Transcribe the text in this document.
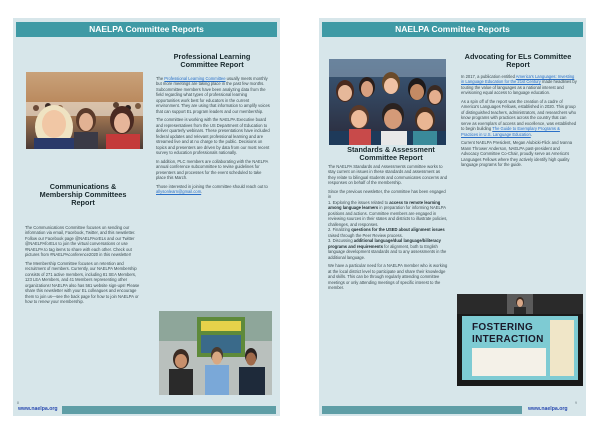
NAELPA Committee Reports
Communications & Membership Committees Report

The Communications Committee focuses on sending our information via email, Facebook, Twitter, and this newsletter. Follow our Facebook page @NAELPAorELs and our Twitter @NAELPAforELs to join the virtual conversations or use #NAELPA to tag items to share with each other. Check out pictures from #NAELPAconference2020 in this newsletter!

The Membership Committee focuses on retention and recruitment of members. Currently, our NAELPA Membership consists of 271 active members, including 81 SEA Members, 123 LEA Members, and 41 Members representing other organizations! NAELPA also has 561 website sign-ups! Please share this newsletter with your EL colleagues and encourage them to join us—see the back page for how to join NAELPA or how to renew your membership.

Professional Learning Committee Report

The Professional Learning Committee usually meets monthly but more meetings are taking place in the past few months. Subcommittee members have been analyzing data from the field regarding what types of professional learning opportunities work best for educators in the current environment. They are using that information to amplify voices that can support EL program leaders and our membership.

The committee is working with the NAELPA Executive board and representatives from the US Department of Education to deliver quarterly webinars. These presentations have included federal updates and relevant professional learning and are streamed live and at no charge to the public. Decisions on topics and presenters are driven by data from our most recent survey to education professionals nationally.

In addition, PLC members are collaborating with the NAELPA annual conference subcommittee to revise guidelines for presenters and processes for the event scheduled to take place this March.

Those interested in joining the committee should reach out to allysonlearn@gmail.com.

8
www.naelpa.org
NAELPA Committee Reports
Standards & Assessment Committee Report

The NAELPA Standards and Assessments committee works to stay current on issues in these standards and assessment as they relate to bilingual students and communicates concerns and responses on behalf of the membership.

Since the previous newsletter, the committee has been engaged in

1. Exploring the issues related to access to remote learning among language learners in preparation for informing NAELPA positions and actions. Committee members are engaged in reviewing sources in their states and districts to illustrate policies, challenges, and responses.

2. Finalizing questions for the USED about alignment issues raised through the Peer Review process.

3. Discussing additional language/dual language/biliteracy programs and requirements for alignment, both to English language development standards and to any assessments in the additional language.

We have a particular need for a NAELPA member who is working at the local district level to participate and share their knowledge and skills. This can be through regularly attending committee meetings or only attending meetings of specific interest to the member.

Advocating for ELs Committee Report

In 2017, a publication entitled America's Languages: Investing in Language Education for the 21st Century made headlines by touting the value of languages as a national interest and envisioning equal access to language education.

As a spin off of the report was the creation of a cadre of America's Languages Fellows, established in 2020. This group of distinguished teachers, administrators, and researchers who know programs with practices across the country that can serve as exemplars of access and excellence, was established to begin building The Guide to Exemplary Programs & Practices in U.S. Language Education.

Current NAELPA President, Megan Alubicki-Flick and Ivanna Mann Thrower Anderson, NAELPA past-president and Advocacy Committee Co-Chair, proudly serve as America's Languages Fellows where they actively identify high quality language programs for the guide.

9
FOSTERING
INTERACTION
www.naelpa.org
